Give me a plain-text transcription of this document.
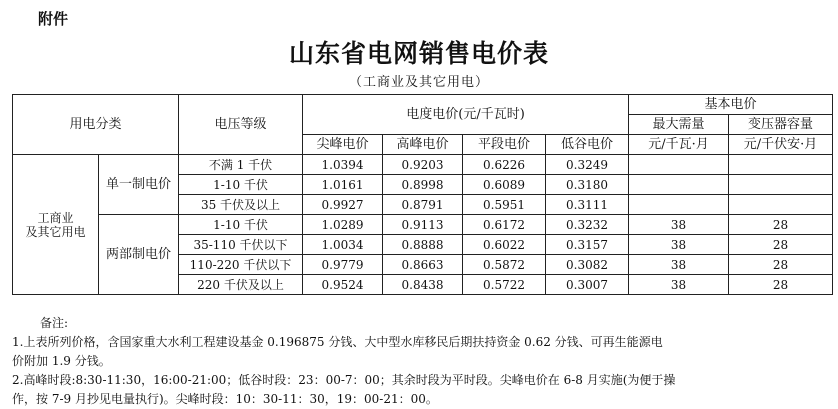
附件
山东省电网销售电价表
（工商业及其它用电）
用电分类		电压等级	电度电价(元/千瓦时)				基本电价	
							最大需量	变压器容量
			尖峰电价	高峰电价	平段电价	低谷电价	元/千瓦·月	元/千伏安·月

工商业
及其它用电	单一制电价	不满 1 千伏	1.0394	0.9203	0.6226	0.3249		
		1-10 千伏	1.0161	0.8998	0.6089	0.3180		
		35 千伏及以上	0.9927	0.8791	0.5951	0.3111		
	两部制电价	1-10 千伏	1.0289	0.9113	0.6172	0.3232	38	28
		35-110 千伏以下	1.0034	0.8888	0.6022	0.3157	38	28
		110-220 千伏以下	0.9779	0.8663	0.5872	0.3082	38	28
		220 千伏及以上	0.9524	0.8438	0.5722	0.3007	38	28
备注:
1.上表所列价格，含国家重大水利工程建设基金 0.196875 分钱、大中型水库移民后期扶持资金 0.62 分钱、可再生能源电
价附加 1.9 分钱。
2.高峰时段:8:30-11:30，16:00-21:00；低谷时段：23：00-7：00；其余时段为平时段。尖峰电价在 6-8 月实施(为便于操
作，按 7-9 月抄见电量执行)。尖峰时段：10：30-11：30，19：00-21：00。
